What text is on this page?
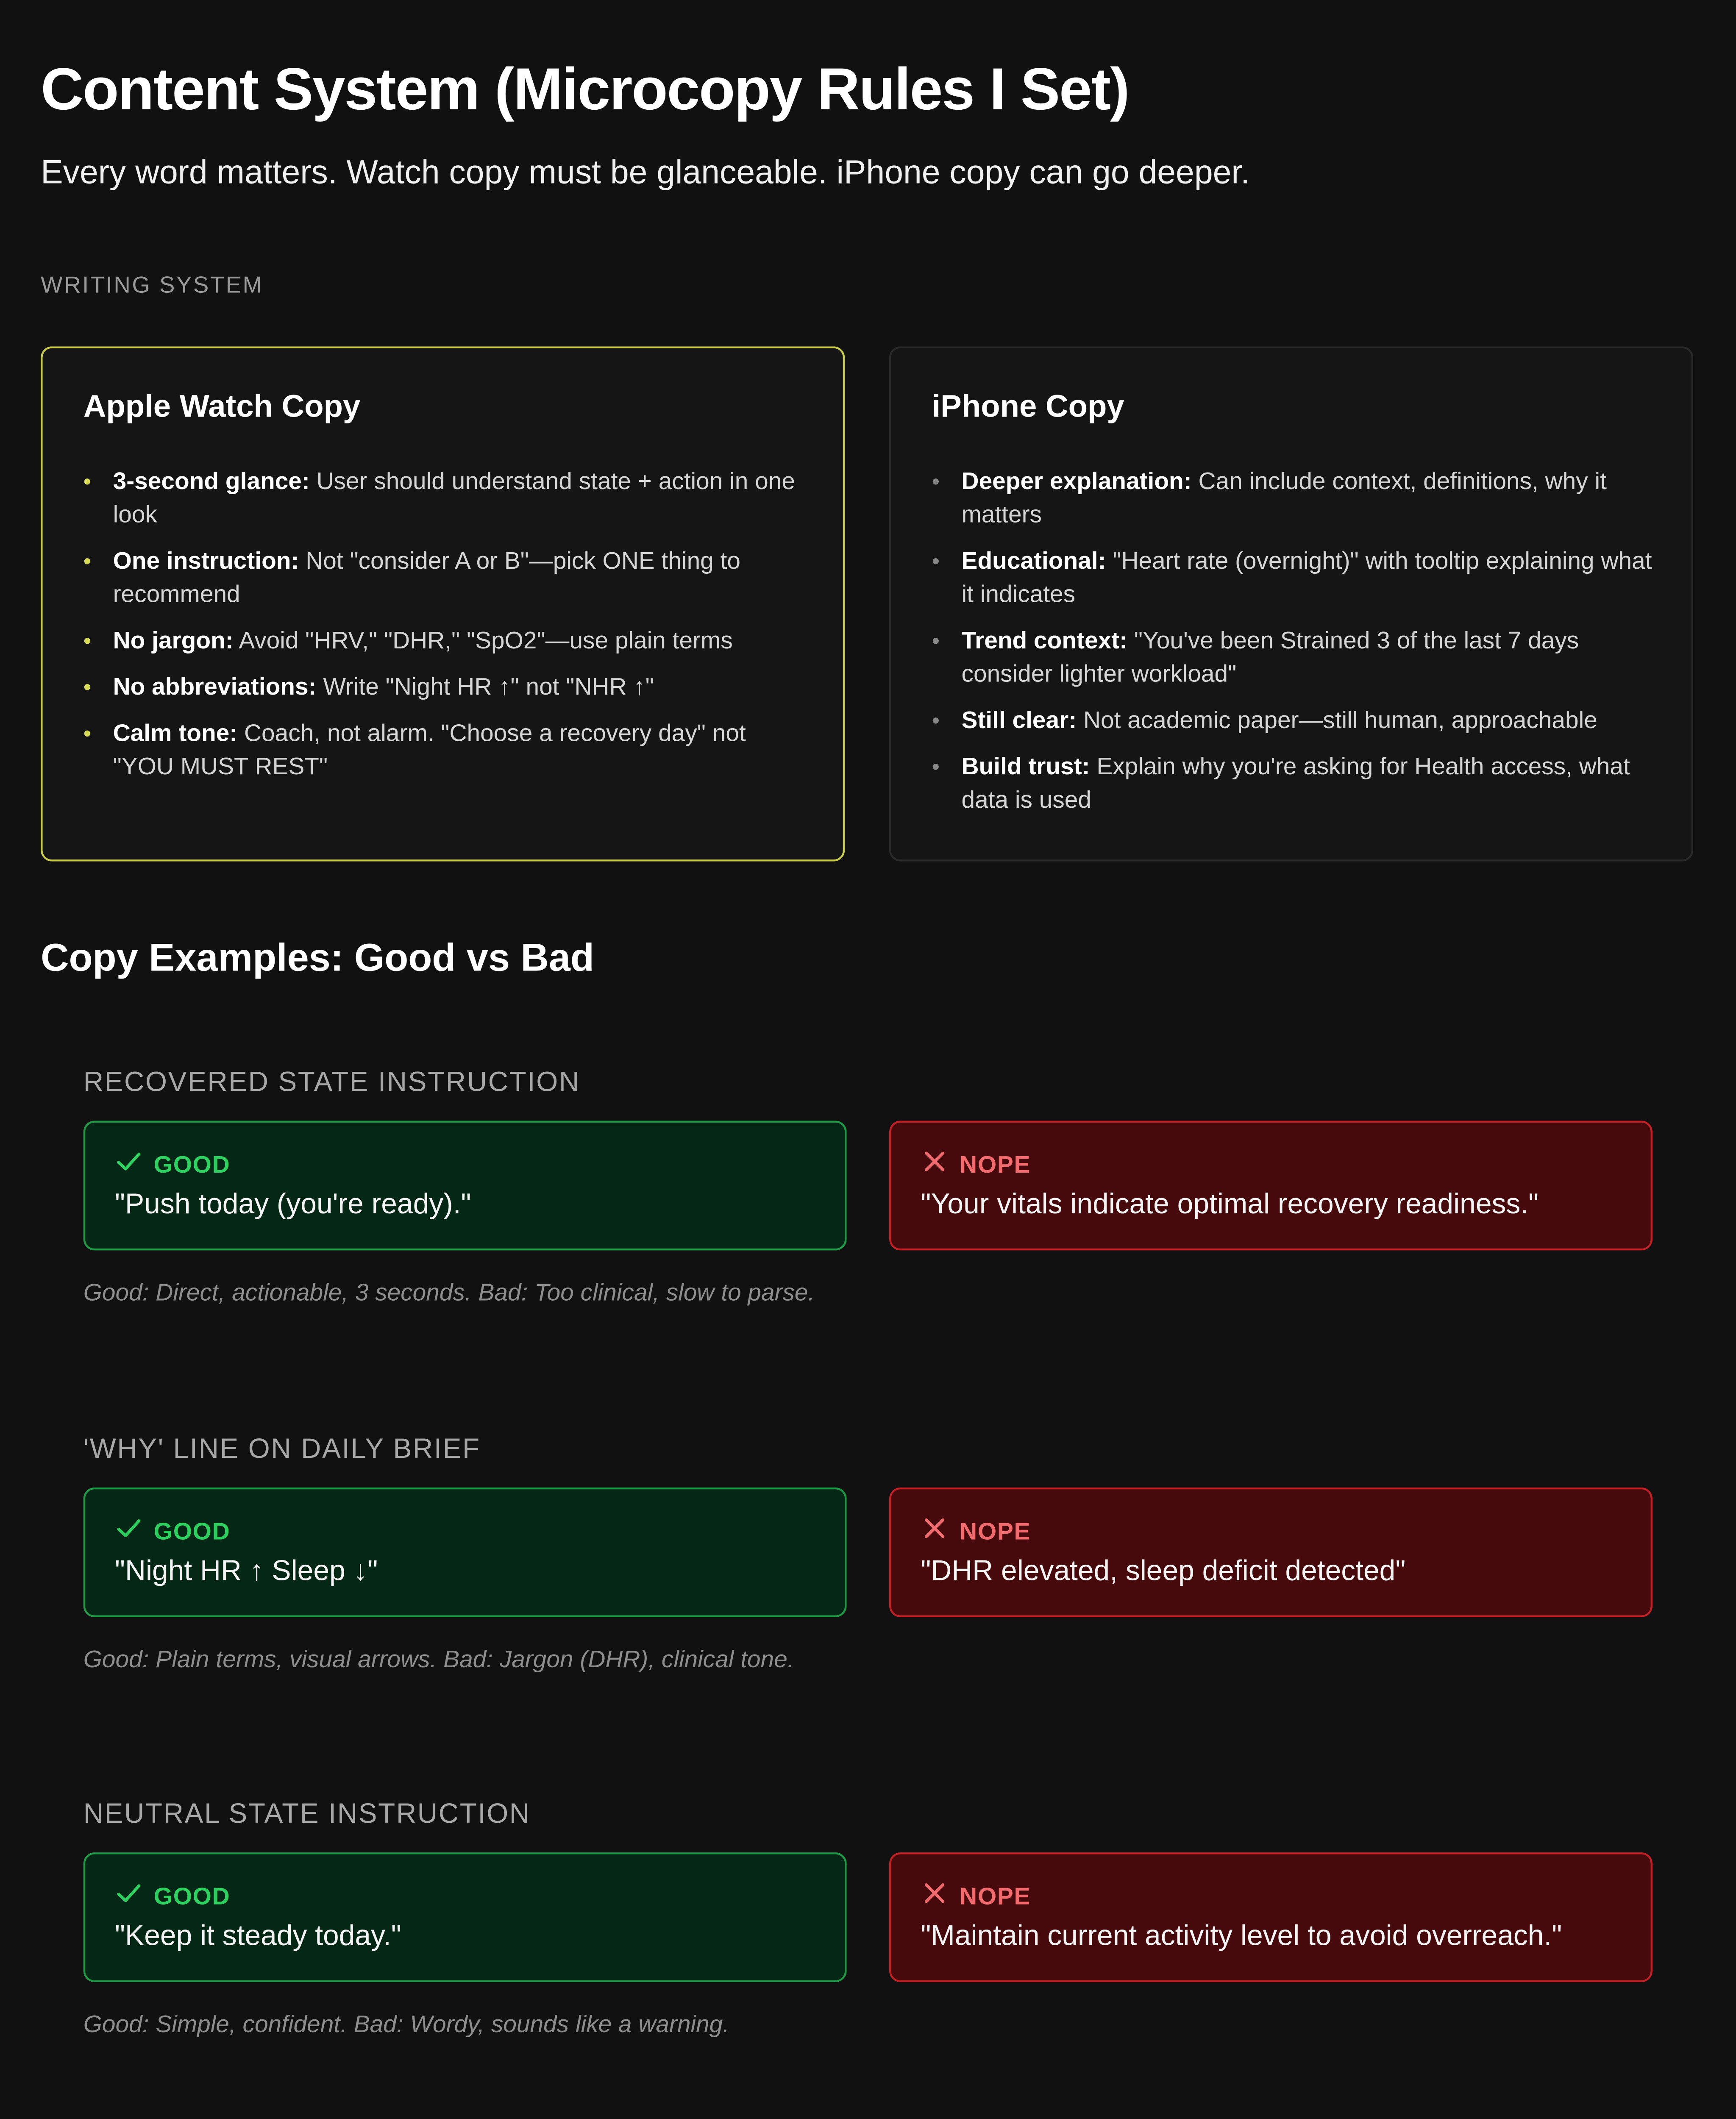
Content System (Microcopy Rules I Set)
Every word matters. Watch copy must be glanceable. iPhone copy can go deeper.
WRITING SYSTEM
Apple Watch Copy
•	3-second glance: User should understand state + action in one look
•	One instruction: Not "consider A or B"—pick ONE thing to recommend
•	No jargon: Avoid "HRV," "DHR," "SpO2"—use plain terms
•	No abbreviations: Write "Night HR ↑" not "NHR ↑"
•	Calm tone: Coach, not alarm. "Choose a recovery day" not "YOU MUST REST"
iPhone Copy
•	Deeper explanation: Can include context, definitions, why it matters
•	Educational: "Heart rate (overnight)" with tooltip explaining what it indicates
•	Trend context: "You've been Strained 3 of the last 7 days consider lighter workload"
•	Still clear: Not academic paper—still human, approachable
•	Build trust: Explain why you're asking for Health access, what data is used
Copy Examples: Good vs Bad
RECOVERED STATE INSTRUCTION
GOOD
"Push today (you're ready)."
NOPE
"Your vitals indicate optimal recovery readiness."
Good: Direct, actionable, 3 seconds. Bad: Too clinical, slow to parse.
'WHY' LINE ON DAILY BRIEF
GOOD
"Night HR ↑ Sleep ↓"
NOPE
"DHR elevated, sleep deficit detected"
Good: Plain terms, visual arrows. Bad: Jargon (DHR), clinical tone.
NEUTRAL STATE INSTRUCTION
GOOD
"Keep it steady today."
NOPE
"Maintain current activity level to avoid overreach."
Good: Simple, confident. Bad: Wordy, sounds like a warning.
